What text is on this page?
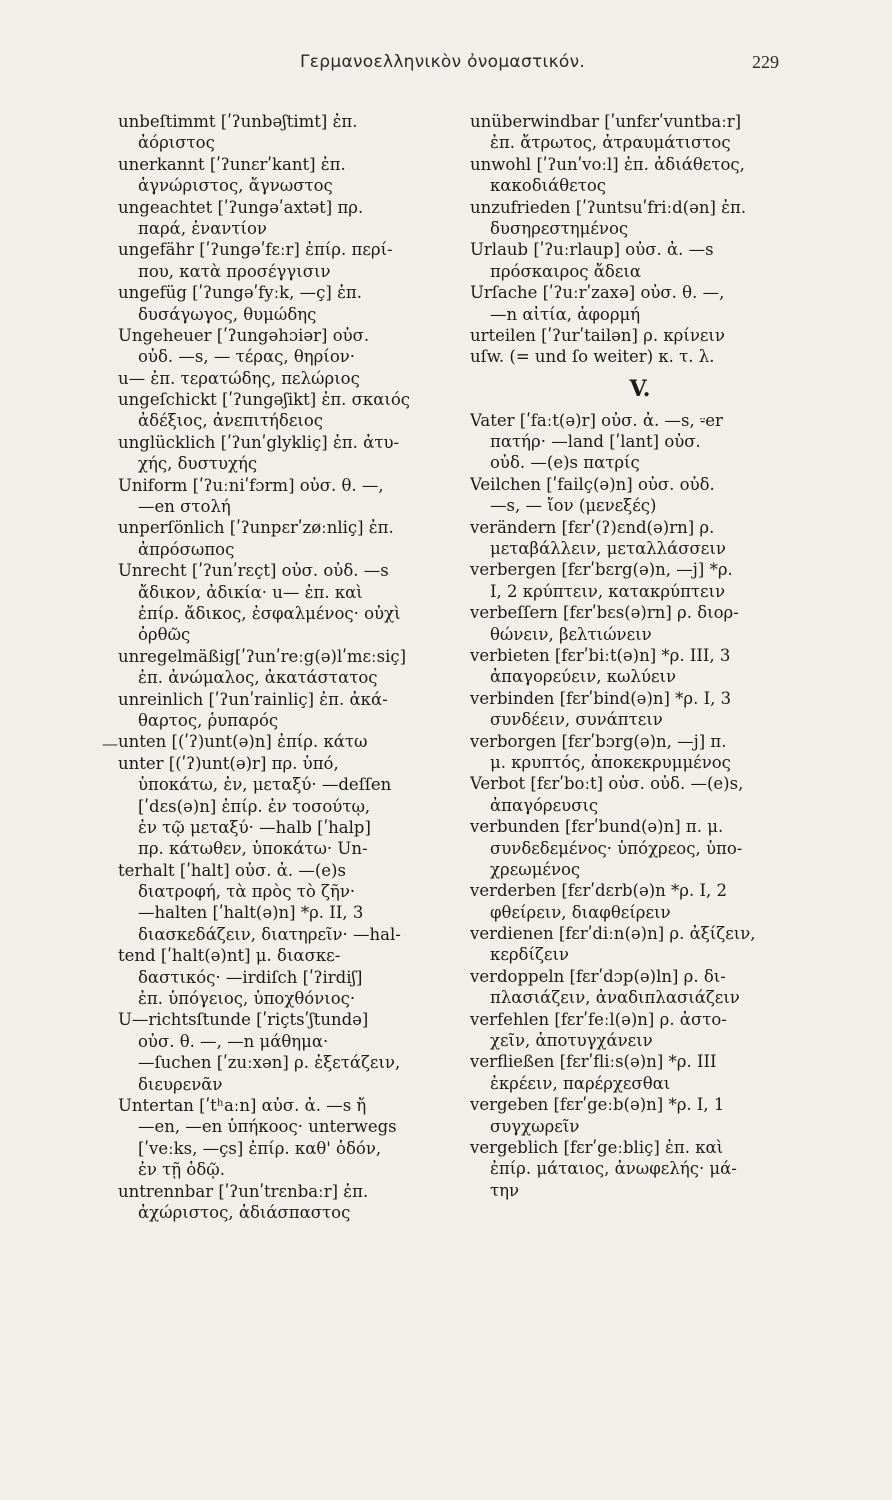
Γερμανοελληνικὸν ὀνομαστικόν.	229
—
unbeſtimmt [ʹʔunbəʃtimt] ἐπ.
ἀόριστος
unerkannt [ʹʔunɛrʹkant] ἐπ.
ἀγνώριστος, ἄγνωστος
ungeachtet [ʹʔungəʹaxtət] πρ.
παρά, ἐναντίον
ungefähr [ʹʔungəʹfɛːr] ἐπίρ. περί-
που, κατὰ προσέγγισιν
ungefüg [ʹʔungəʹfyːk, —ç] ἐπ.
δυσάγωγος, θυμώδης
Ungeheuer [ʹʔungəhɔiər] οὐσ.
οὐδ. —s, — τέρας, θηρίον·
u— ἐπ. τερατώδης, πελώριος
ungeſchickt [ʹʔungəʃikt] ἐπ. σκαιός
ἀδέξιος, ἀνεπιτήδειος
unglücklich [ʹʔunʹglyklіç] ἐπ. ἀτυ-
χής, δυστυχής
Uniform [ʹʔuːniʹfɔrm] οὐσ. θ. —,
—en στολή
unperſönlich [ʹʔunpɛrʹzøːnlіç] ἐπ.
ἀπρόσωπος
Unrecht [ʹʔunʹrɛçt] οὐσ. οὐδ. —s
ἄδικον, ἀδικία· u— ἐπ. καὶ
ἐπίρ. ἄδικος, ἐσφαλμένος· οὐχὶ
ὀρθῶς
unregelmäßig[ʹʔunʹreːg(ə)lʹmɛːsіç]
ἐπ. ἀνώμαλος, ἀκατάστατος
unreinlich [ʹʔunʹrainlіç] ἐπ. ἀκά-
θαρτος, ῥυπαρός
unten [(ʹʔ)unt(ə)n] ἐπίρ. κάτω
unter [(ʹʔ)unt(ə)r] πρ. ὑπό,
ὑποκάτω, ἐν, μεταξύ· —deſſen
[ʹdɛs(ə)n] ἐπίρ. ἐν τοσούτῳ,
ἐν τῷ μεταξύ· —halb [ʹhalp]
πρ. κάτωθεν, ὑποκάτω· Un-
terhalt [ʹhalt] οὐσ. ἀ. —(e)s
διατροφή, τὰ πρὸς τὸ ζῆν·
—halten [ʹhalt(ə)n] *ρ. II, 3
διασκεδάζειν, διατηρεῖν· —hal-
tend [ʹhalt(ə)nt] μ. διασκε-
δαστικός· —irdiſch [ʹʔirdіʃ]
ἐπ. ὑπόγειος, ὑποχθόνιος·
U—richtsſtunde [ʹriçtsʹʃtundə]
οὐσ. θ. —, —n μάθημα·
—ſuchen [ʹzuːxən] ρ. ἐξετάζειν,
διευρενᾶν
Untertan [ʹtʰaːn] αὐσ. ἀ. —s ἤ
—en, —en ὑπήκοος· unterwegs
[ʹveːks, —çs] ἐπίρ. καθ' ὁδόν,
ἐν τῇ ὁδῷ.
untrennbar [ʹʔunʹtrɛnbaːr] ἐπ.
ἀχώριστος, ἀδιάσπαστος
unüberwindbar [ʹunfɛrʹvuntbaːr]
ἐπ. ἄτρωτος, ἀτραυμάτιστος
unwohl [ʹʔunʹvoːl] ἐπ. ἀδιάθετος,
κακοδιάθετος
unzufrieden [ʹʔuntsuʹfriːd(ən] ἐπ.
δυσηρεστημένος
Urlaub [ʹʔuːrlaup] οὐσ. ἀ. —s
πρόσκαιρος ἄδεια
Urſache [ʹʔuːrʹzaxə] οὐσ. θ. —,
—n αἰτία, ἀφορμή
urteilen [ʹʔurʹtailən] ρ. κρίνειν
uſw. (= und ſo weiter) κ. τ. λ.
V.
Vater [ʹfaːt(ə)r] οὐσ. ἀ. —s, ⸚er
πατήρ· —land [ʹlant] οὐσ.
οὐδ. —(e)s πατρίς
Veilchen [ʹfailç(ə)n] οὐσ. οὐδ.
—s, — ἴον (μενεξές)
verändern [fɛrʹ(ʔ)ɛnd(ə)rn] ρ.
μεταβάλλειν, μεταλλάσσειν
verbergen [fɛrʹbɛrg(ə)n, —j] *ρ.
I, 2 κρύπτειν, κατακρύπτειν
verbeſſern [fɛrʹbɛs(ə)rn] ρ. διορ-
θώνειν, βελτιώνειν
verbieten [fɛrʹbiːt(ə)n] *ρ. III, 3
ἀπαγορεύειν, κωλύειν
verbinden [fɛrʹbind(ə)n] *ρ. I, 3
συνδέειν, συνάπτειν
verborgen [fɛrʹbɔrg(ə)n, —j] π.
μ. κρυπτός, ἀποκεκρυμμένος
Verbot [fɛrʹboːt] οὐσ. οὐδ. —(e)s,
ἀπαγόρευσις
verbunden [fɛrʹbund(ə)n] π. μ.
συνδεδεμένος· ὑπόχρεος, ὑπο-
χρεωμένος
verderben [fɛrʹdɛrb(ə)n *ρ. I, 2
φθείρειν, διαφθείρειν
verdienen [fɛrʹdiːn(ə)n] ρ. ἀξίζειν,
κερδίζειν
verdoppeln [fɛrʹdɔp(ə)ln] ρ. δι-
πλασιάζειν, ἀναδιπλασιάζειν
verfehlen [fɛrʹfeːl(ə)n] ρ. ἀστο-
χεῖν, ἀποτυγχάνειν
verfließen [fɛrʹfliːs(ə)n] *ρ. III
ἐκρέειν, παρέρχεσθαι
vergeben [fɛrʹgeːb(ə)n] *ρ. I, 1
συγχωρεῖν
vergeblich [fɛrʹgeːblіç] ἐπ. καὶ
ἐπίρ. μάταιος, ἀνωφελής· μά-
την
